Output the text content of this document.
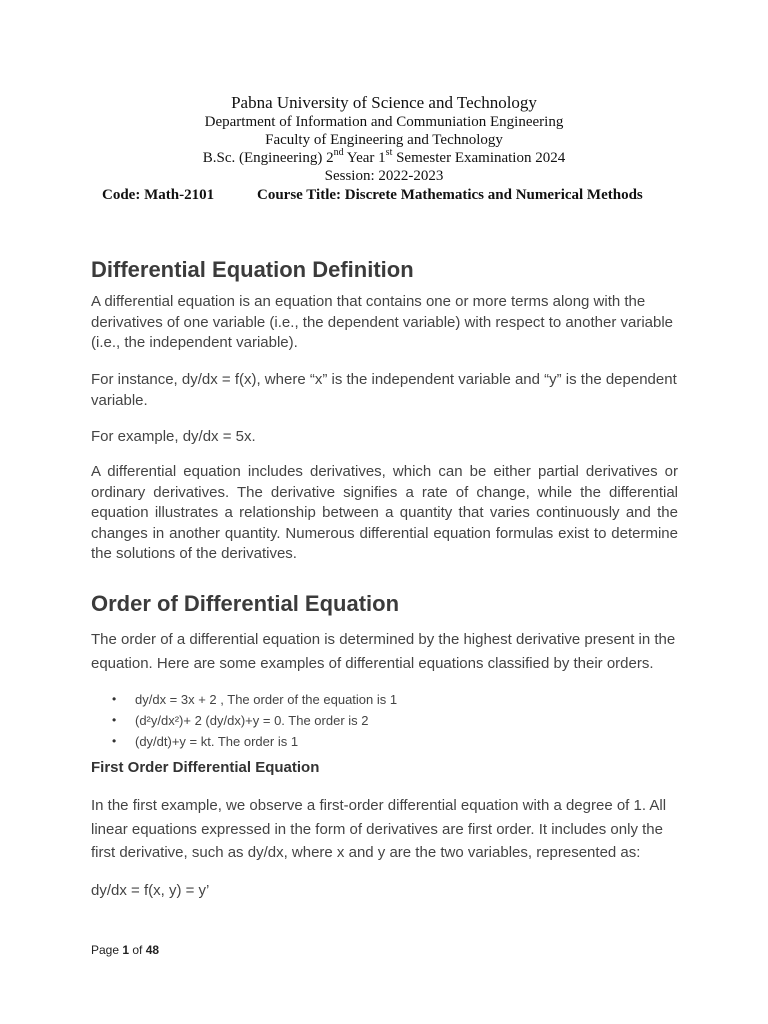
Pabna University of Science and Technology
Department of Information and Communiation Engineering
Faculty of Engineering and Technology
B.Sc. (Engineering) 2nd Year 1st Semester Examination 2024
Session: 2022-2023
Code: Math-2101	Course Title: Discrete Mathematics and Numerical Methods
Differential Equation Definition

A differential equation is an equation that contains one or more terms along with the derivatives of one variable (i.e., the dependent variable) with respect to another variable (i.e., the independent variable).

For instance, dy/dx = f(x), where “x” is the independent variable and “y” is the dependent variable.

For example, dy/dx = 5x.

A differential equation includes derivatives, which can be either partial derivatives or ordinary derivatives. The derivative signifies a rate of change, while the differential equation illustrates a relationship between a quantity that varies continuously and the changes in another quantity. Numerous differential equation formulas exist to determine the solutions of the derivatives.

Order of Differential Equation

The order of a differential equation is determined by the highest derivative present in the equation. Here are some examples of differential equations classified by their orders.

• dy/dx = 3x + 2 , The order of the equation is 1
• (d²y/dx²)+ 2 (dy/dx)+y = 0. The order is 2
• (dy/dt)+y = kt. The order is 1
First Order Differential Equation

In the first example, we observe a first-order differential equation with a degree of 1. All linear equations expressed in the form of derivatives are first order. It includes only the first derivative, such as dy/dx, where x and y are the two variables, represented as:

dy/dx = f(x, y) = y’

Page 1 of 48
